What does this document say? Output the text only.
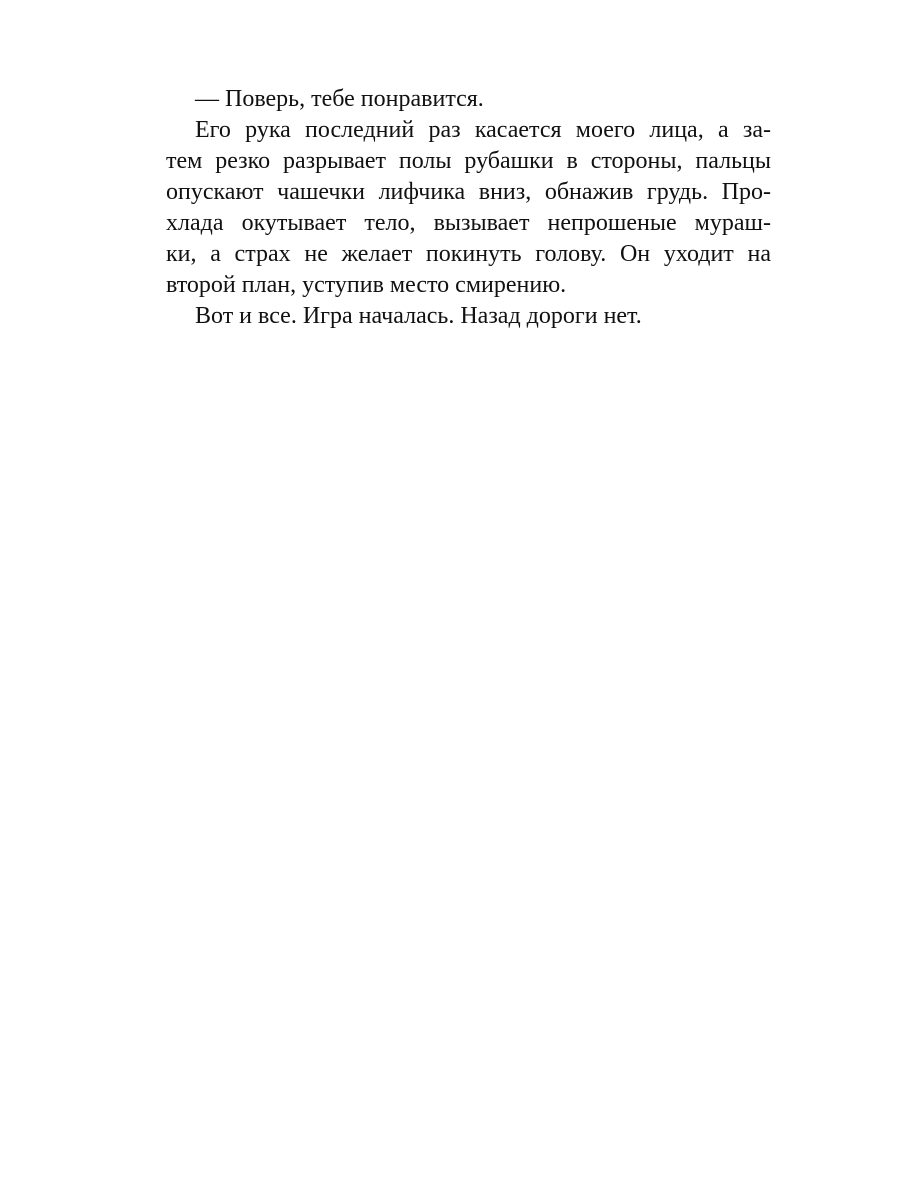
— Поверь, тебе понравится.
Его рука последний раз касается моего лица, а за-
тем резко разрывает полы рубашки в стороны, пальцы
опускают чашечки лифчика вниз, обнажив грудь. Про-
хлада окутывает тело, вызывает непрошеные мураш-
ки, а страх не желает покинуть голову. Он уходит на
второй план, уступив место смирению.
Вот и все. Игра началась. Назад дороги нет.
